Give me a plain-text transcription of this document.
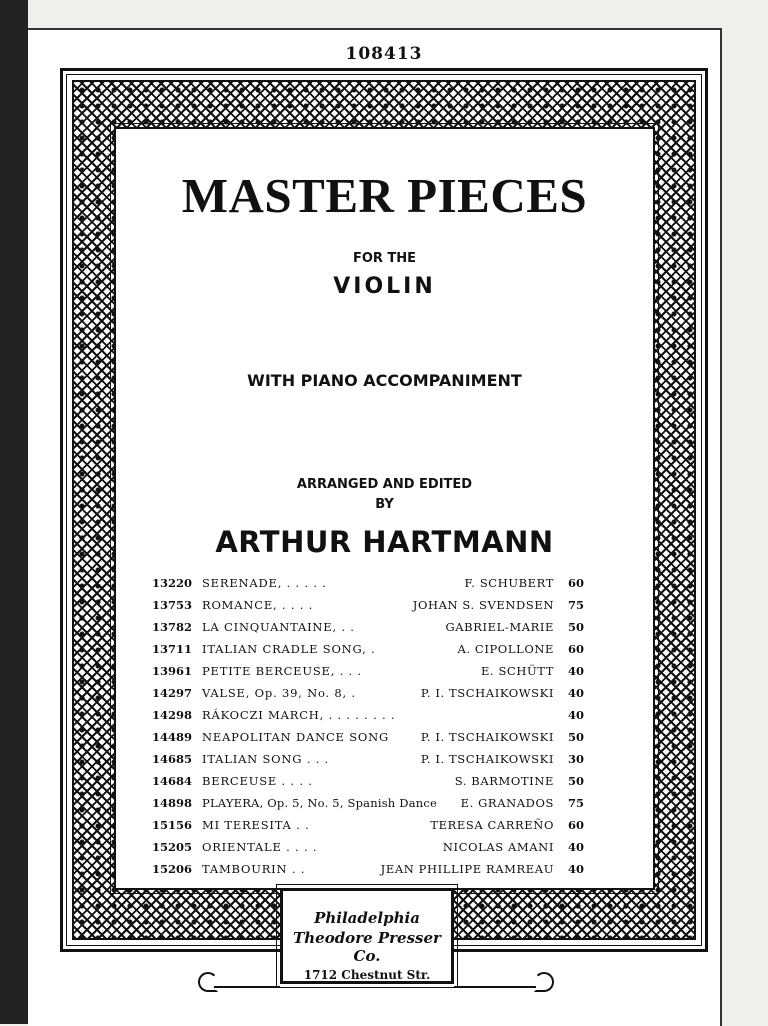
108413
MASTER PIECES
FOR THE
VIOLIN
WITH PIANO ACCOMPANIMENT
ARRANGED AND EDITED
BY
ARTHUR HARTMANN
13220 SERENADE, . . . . .	F. SCHUBERT 60
13753 ROMANCE, . . . .	JOHAN S. SVENDSEN 75
13782 LA CINQUANTAINE, . .	GABRIEL-MARIE 50
13711 ITALIAN CRADLE SONG, .	A. CIPOLLONE 60
13961 PETITE BERCEUSE, . . .	E. SCHÜTT 40
14297 VALSE, Op. 39, No. 8, .	P. I. TSCHAIKOWSKI 40
14298 RÁKOCZI MARCH, . . . . . . . .	40
14489 NEAPOLITAN DANCE SONG	P. I. TSCHAIKOWSKI 50
14685 ITALIAN SONG . . .	P. I. TSCHAIKOWSKI 30
14684 BERCEUSE . . . .	S. BARMOTINE 50
14898 PLAYERA, Op. 5, No. 5, Spanish Dance E. GRANADOS 75
15156 MI TERESITA . .	TERESA CARREÑO 60
15205 ORIENTALE . . . .	NICOLAS AMANI 40
15206 TAMBOURIN . .	JEAN PHILLIPE RAMREAU 40
Philadelphia
Theodore Presser Co.
1712 Chestnut Str.
